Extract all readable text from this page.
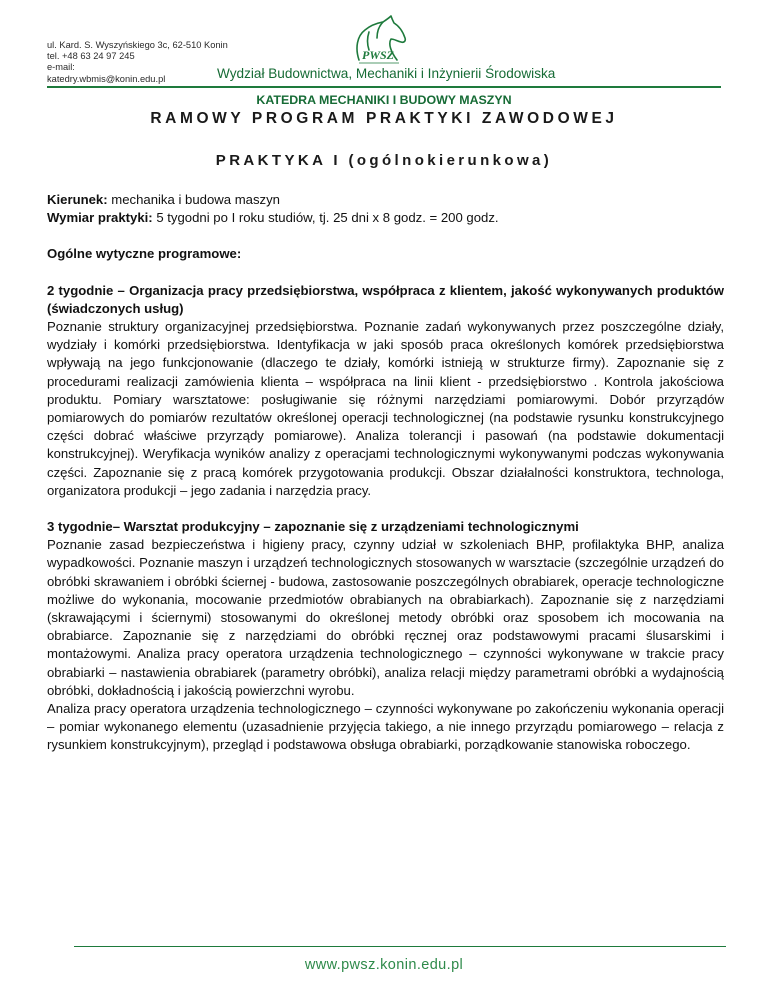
ul. Kard. S. Wyszyńskiego 3c, 62-510 Konin
tel. +48 63 24 97 245
e-mail:
katedry.wbmis@konin.edu.pl
PWSZ
Wydział Budownictwa, Mechaniki i Inżynierii Środowiska
KATEDRA MECHANIKI I BUDOWY MASZYN
RAMOWY PROGRAM PRAKTYKI ZAWODOWEJ
PRAKTYKA I (ogólnokierunkowa)

Kierunek: mechanika i budowa maszyn

Wymiar praktyki: 5 tygodni po I roku studiów, tj. 25 dni x 8 godz. = 200 godz.

Ogólne wytyczne programowe:

2 tygodnie – Organizacja pracy przedsiębiorstwa, współpraca z klientem, jakość wykonywanych produktów (świadczonych usług)

Poznanie struktury organizacyjnej przedsiębiorstwa. Poznanie zadań wykonywanych przez poszczególne działy, wydziały i komórki przedsiębiorstwa. Identyfikacja w jaki sposób praca określonych komórek przedsiębiorstwa wpływają na jego funkcjonowanie (dlaczego te działy, komórki istnieją w strukturze firmy). Zapoznanie się z procedurami realizacji zamówienia klienta – współpraca na linii klient - przedsiębiorstwo . Kontrola jakościowa produktu. Pomiary warsztatowe: posługiwanie się różnymi narzędziami pomiarowymi. Dobór przyrządów pomiarowych do pomiarów rezultatów określonej operacji technologicznej (na podstawie rysunku konstrukcyjnego części dobrać właściwe przyrządy pomiarowe). Analiza tolerancji i pasowań (na podstawie dokumentacji konstrukcyjnej). Weryfikacja wyników analizy z operacjami technologicznymi wykonywanymi podczas wykonywania części. Zapoznanie się z pracą komórek przygotowania produkcji. Obszar działalności konstruktora, technologa, organizatora produkcji – jego zadania i narzędzia pracy.

3 tygodnie– Warsztat produkcyjny – zapoznanie się z urządzeniami technologicznymi

Poznanie zasad bezpieczeństwa i higieny pracy, czynny udział w szkoleniach BHP, profilaktyka BHP, analiza wypadkowości. Poznanie maszyn i urządzeń technologicznych stosowanych w warsztacie (szczególnie urządzeń do obróbki skrawaniem i obróbki ściernej - budowa, zastosowanie poszczególnych obrabiarek, operacje technologiczne możliwe do wykonania, mocowanie przedmiotów obrabianych na obrabiarkach). Zapoznanie się z narzędziami (skrawającymi i ściernymi) stosowanymi do określonej metody obróbki oraz sposobem ich mocowania na obrabiarce. Zapoznanie się z narzędziami do obróbki ręcznej oraz podstawowymi pracami ślusarskimi i montażowymi. Analiza pracy operatora urządzenia technologicznego – czynności wykonywane w trakcie pracy obrabiarki – nastawienia obrabiarek (parametry obróbki), analiza relacji między parametrami obróbki a wydajnością obróbki, dokładnością i jakością powierzchni wyrobu.

Analiza pracy operatora urządzenia technologicznego – czynności wykonywane po zakończeniu wykonania operacji – pomiar wykonanego elementu (uzasadnienie przyjęcia takiego, a nie innego przyrządu pomiarowego – relacja z rysunkiem konstrukcyjnym), przegląd i podstawowa obsługa obrabiarki, porządkowanie stanowiska roboczego.

www.pwsz.konin.edu.pl
